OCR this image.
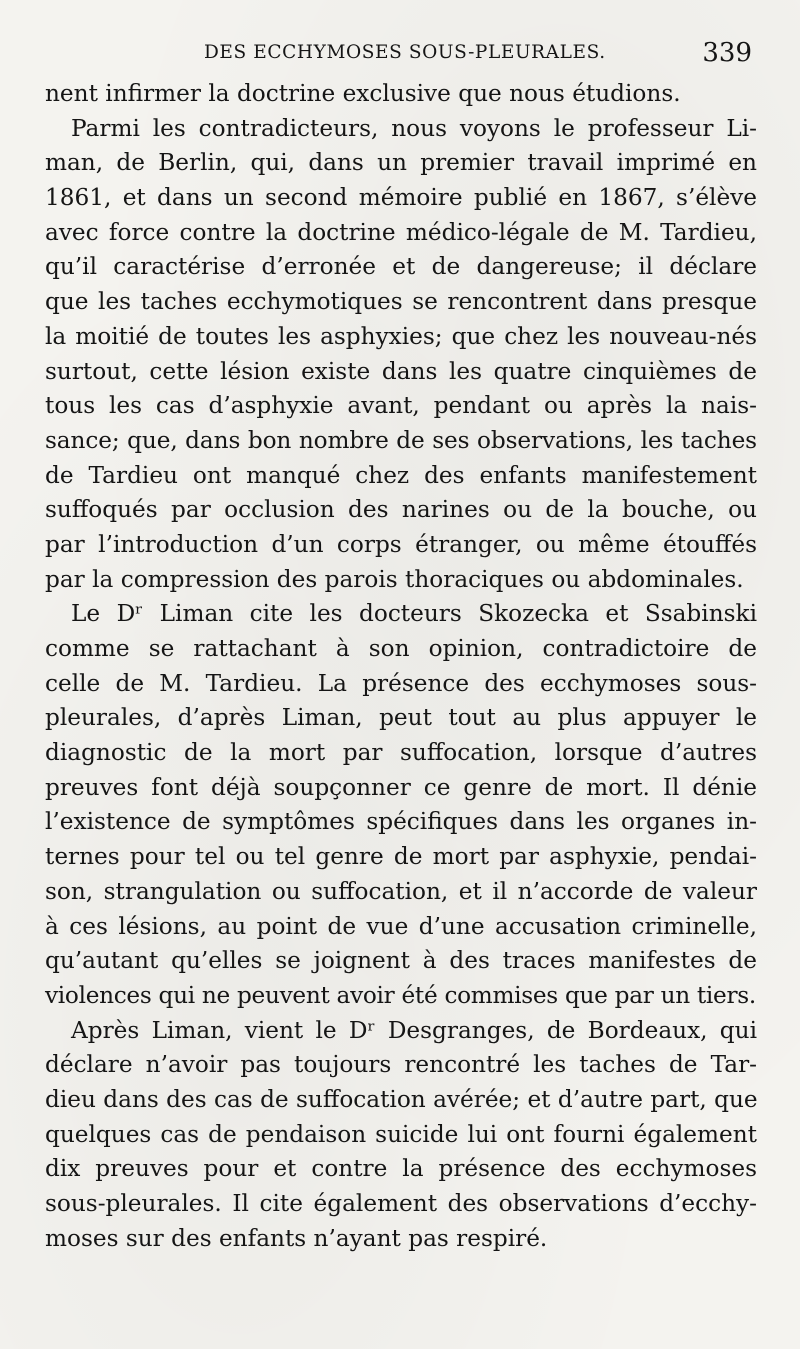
DES ECCHYMOSES SOUS-PLEURALES.	339
nent infirmer la doctrine exclusive que nous étudions.
Parmi les contradicteurs, nous voyons le professeur Li-
man, de Berlin, qui, dans un premier travail imprimé en
1861, et dans un second mémoire publié en 1867, s’élève
avec force contre la doctrine médico-légale de M. Tardieu,
qu’il caractérise d’erronée et de dangereuse; il déclare
que les taches ecchymotiques se rencontrent dans presque
la moitié de toutes les asphyxies; que chez les nouveau-nés
surtout, cette lésion existe dans les quatre cinquièmes de
tous les cas d’asphyxie avant, pendant ou après la nais-
sance; que, dans bon nombre de ses observations, les taches
de Tardieu ont manqué chez des enfants manifestement
suffoqués par occlusion des narines ou de la bouche, ou
par l’introduction d’un corps étranger, ou même étouffés
par la compression des parois thoraciques ou abdominales.
Le Dʳ Liman cite les docteurs Skozecka et Ssabinski
comme se rattachant à son opinion, contradictoire de
celle de M. Tardieu. La présence des ecchymoses sous-
pleurales, d’après Liman, peut tout au plus appuyer le
diagnostic de la mort par suffocation, lorsque d’autres
preuves font déjà soupçonner ce genre de mort. Il dénie
l’existence de symptômes spécifiques dans les organes in-
ternes pour tel ou tel genre de mort par asphyxie, pendai-
son, strangulation ou suffocation, et il n’accorde de valeur
à ces lésions, au point de vue d’une accusation criminelle,
qu’autant qu’elles se joignent à des traces manifestes de
violences qui ne peuvent avoir été commises que par un tiers.
Après Liman, vient le Dʳ Desgranges, de Bordeaux, qui
déclare n’avoir pas toujours rencontré les taches de Tar-
dieu dans des cas de suffocation avérée; et d’autre part, que
quelques cas de pendaison suicide lui ont fourni également
dix preuves pour et contre la présence des ecchymoses
sous-pleurales. Il cite également des observations d’ecchy-
moses sur des enfants n’ayant pas respiré.
